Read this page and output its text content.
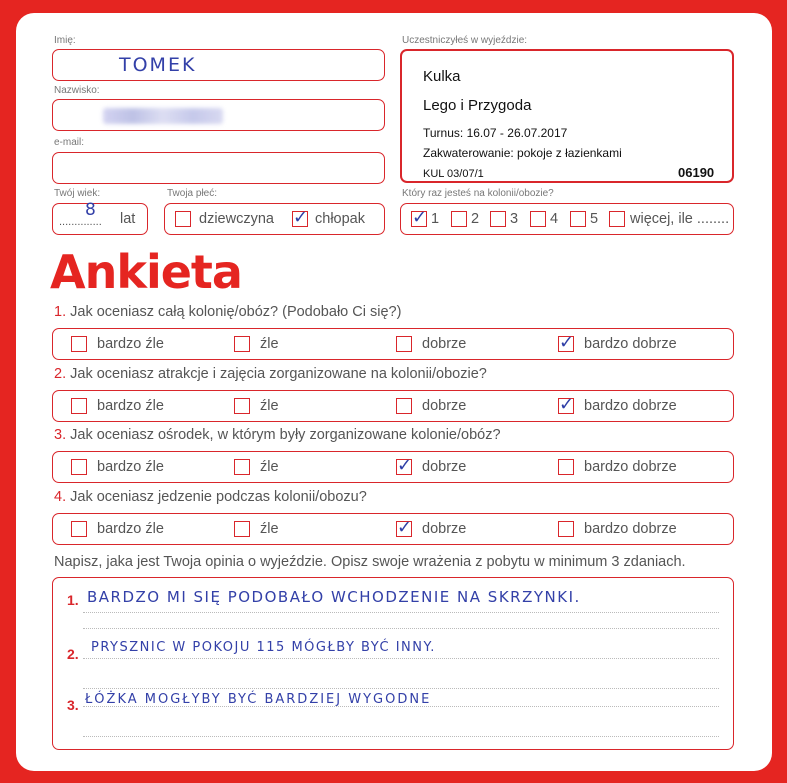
Imię:
TOMEK
Nazwisko:
e-mail:
Twój wiek:
..............
8 lat
Twoja płeć:
dziewczyna ✓ chłopak
Uczestniczyłeś w wyjeździe:
Kulka
Lego i Przygoda
Turnus: 16.07 - 26.07.2017
Zakwaterowanie: pokoje z łazienkami
KUL 03/07/1	06190
Który raz jesteś na kolonii/obozie?
✓ 1 2 3 4 5 więcej, ile ........
Ankieta
1. Jak oceniasz całą kolonię/obóz? (Podobało Ci się?)
bardzo źle	źle	dobrze	✓ bardzo dobrze
2. Jak oceniasz atrakcje i zajęcia zorganizowane na kolonii/obozie?
bardzo źle	źle	dobrze	✓ bardzo dobrze
3. Jak oceniasz ośrodek, w którym były zorganizowane kolonie/obóz?
bardzo źle	źle	✓ dobrze	bardzo dobrze
4. Jak oceniasz jedzenie podczas kolonii/obozu?
bardzo źle	źle	✓ dobrze	bardzo dobrze
Napisz, jaka jest Twoja opinia o wyjeździe. Opisz swoje wrażenia z pobytu w minimum 3 zdaniach.
1. BARDZO MI SIĘ PODOBAŁO WCHODZENIE NA SKRZYNKI.
2. PRYSZNIC W POKOJU 115 MÓGŁBY BYĆ INNY.
3. ŁÓŻKA MOGŁYBY BYĆ BARDZIEJ WYGODNE
